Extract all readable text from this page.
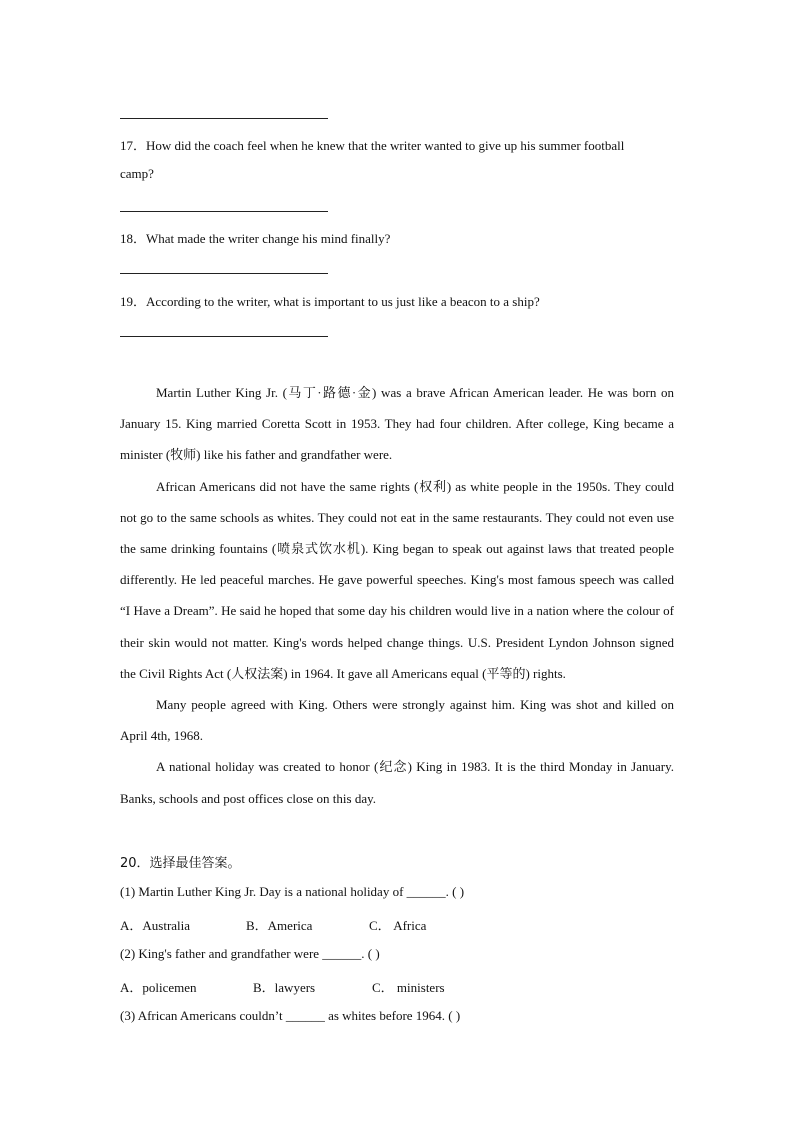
17．How did the coach feel when he knew that the writer wanted to give up his summer football
camp?
18．What made the writer change his mind finally?
19．According to the writer, what is important to us just like a beacon to a ship?

Martin Luther King Jr. (马丁·路德·金) was a brave African American leader. He was born on January 15. King married Coretta Scott in 1953. They had four children. After college, King became a minister (牧师) like his father and grandfather were.

African Americans did not have the same rights (权利) as white people in the 1950s. They could not go to the same schools as whites. They could not eat in the same restaurants. They could not even use the same drinking fountains (喷泉式饮水机). King began to speak out against laws that treated people differently. He led peaceful marches. He gave powerful speeches. King's most famous speech was called “I Have a Dream”. He said he hoped that some day his children would live in a nation where the colour of their skin would not matter. King's words helped change things. U.S. President Lyndon Johnson signed the Civil Rights Act (人权法案) in 1964. It gave all Americans equal (平等的) rights.

Many people agreed with King. Others were strongly against him. King was shot and killed on April 4th, 1968.

A national holiday was created to honor (纪念) King in 1983. It is the third Monday in January. Banks, schools and post offices close on this day.

20．选择最佳答案。
(1) Martin Luther King Jr. Day is a national holiday of ______. ( )
A．Australia	B．America	C． Africa
(2) King's father and grandfather were ______. ( )
A．policemen	B．lawyers	C． ministers
(3) African Americans couldn’t ______ as whites before 1964. ( )
